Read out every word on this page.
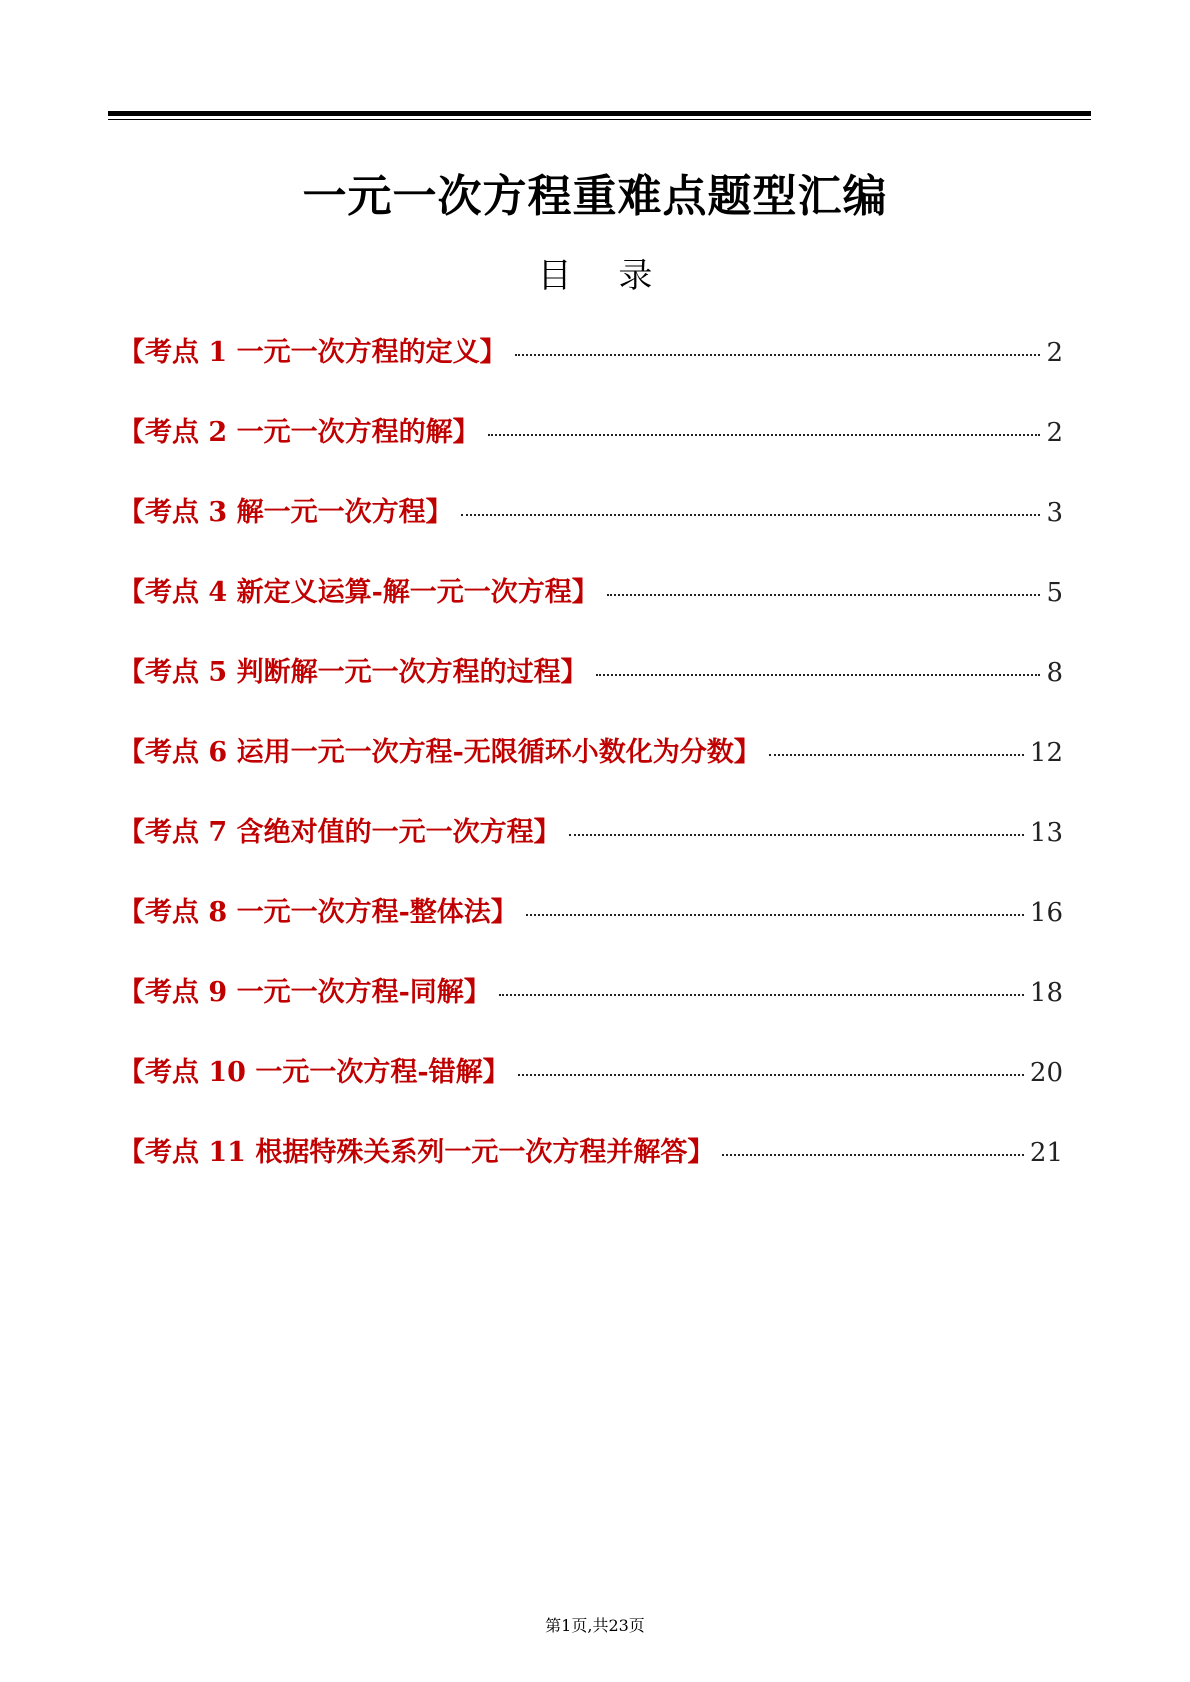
一元一次方程重难点题型汇编
目 录
【考点 1 一元一次方程的定义】	2
【考点 2 一元一次方程的解】	2
【考点 3 解一元一次方程】	3
【考点 4 新定义运算-解一元一次方程】	5
【考点 5 判断解一元一次方程的过程】	8
【考点 6 运用一元一次方程-无限循环小数化为分数】	12
【考点 7 含绝对值的一元一次方程】	13
【考点 8 一元一次方程-整体法】	16
【考点 9 一元一次方程-同解】	18
【考点 10 一元一次方程-错解】	20
【考点 11 根据特殊关系列一元一次方程并解答】	21
第1页,共23页
